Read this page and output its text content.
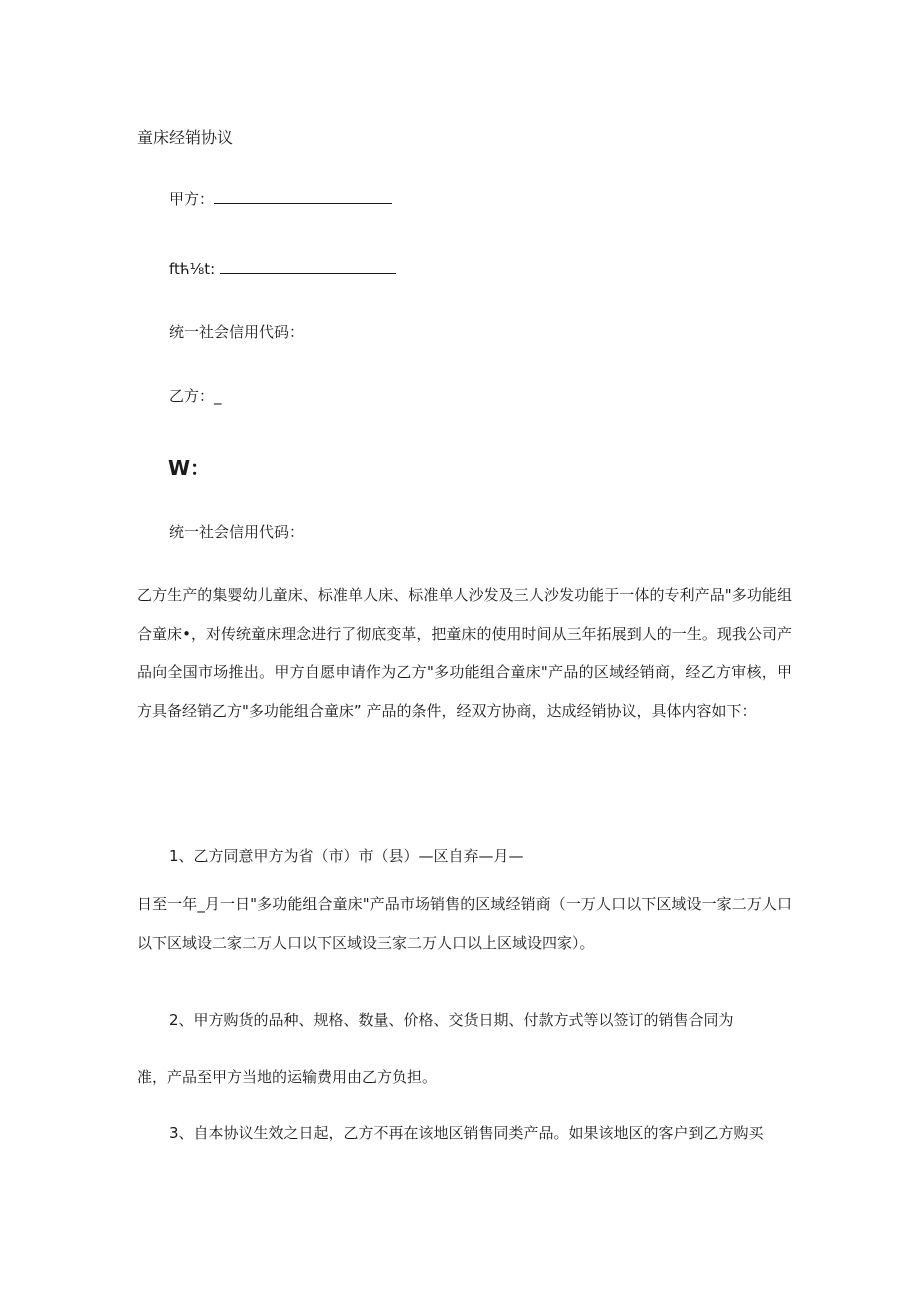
童床经销协议
甲方：
ftћ⅛t:
统一社会信用代码：
乙方：_
W：
统一社会信用代码：

乙方生产的集婴幼儿童床、标准单人床、标准单人沙发及三人沙发功能于一体的专利产品"多功能组合童床•，对传统童床理念进行了彻底变革，把童床的使用时间从三年拓展到人的一生。现我公司产品向全国市场推出。甲方自愿申请作为乙方"多功能组合童床"产品的区域经销商，经乙方审核，甲方具备经销乙方"多功能组合童床” 产品的条件，经双方协商，达成经销协议，具体内容如下：

1、乙方同意甲方为省（市）市（县）—区自弃—月—

日至一年_月一日"多功能组合童床"产品市场销售的区域经销商（一万人口以下区域设一家二万人口以下区域设二家二万人口以下区域设三家二万人口以上区域设四家）。

2、甲方购货的品种、规格、数量、价格、交货日期、付款方式等以签订的销售合同为
准，产品至甲方当地的运输费用由乙方负担。
3、自本协议生效之日起，乙方不再在该地区销售同类产品。如果该地区的客户到乙方购买
